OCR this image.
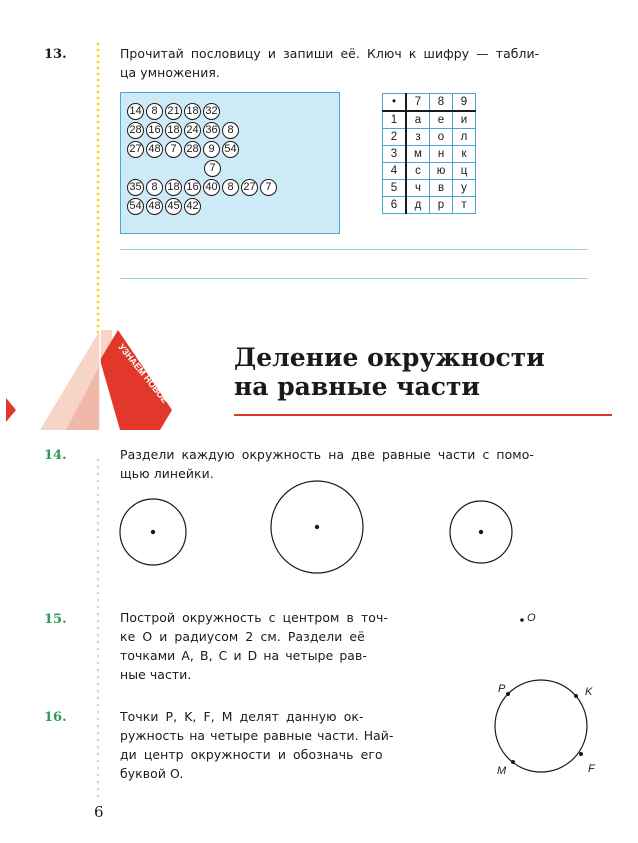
13.	Прочитай пословицу и запиши её. Ключ к шифру — табли-
ца умножения.
14 8 21 18 32
28 16 18 24 36 8
27 48 7 28 9 54
7
35 8 18 16 40 8 27 7
54 48 45 42
•	7	8	9
1	а	е	и
2	з	о	л
3	м	н	к
4	с	ю	ц
5	ч	в	у
6	д	р	т
УЗНАЕМ НОВОЕ	Деление окружности
на равные части
14.	Раздели каждую окружность на две равные части с помо-
щью линейки.
15.	Построй окружность с центром в точ-
ке О и радиусом 2 см. Раздели её
точками A, B, C и D на четыре рав-
ные части.
O
16.	Точки P, K, F, M делят данную ок-
ружность на четыре равные части. Най-
ди центр окружности и обозначь его
буквой O.
P	K
M	F
6
